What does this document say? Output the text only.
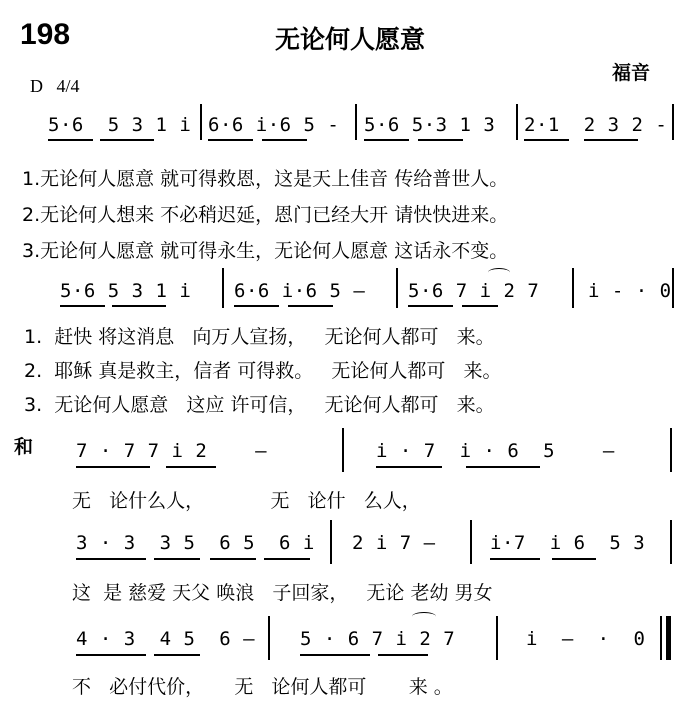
198	无论何人愿意
福音
D   4/4
5·6  5 3 1 i 6·6 i·6 5 - 5·6 5·3 1 3 2·1  2 3 2 -
1.无论何人愿意 就可得救恩，这是天上佳音 传给普世人。
2.无论何人想来 不必稍迟延，恩门已经大开 请快快进来。
3.无论何人愿意 就可得永生，无论何人愿意 这话永不变。
5·6 5 3 1 i 6·6 i·6 5 — 5·6 7 i 2 7	i - · 0
1.  赶快 将这消息   向万人宣扬，   无论何人都可   来。
2.  耶稣 真是救主，信者 可得救。   无论何人都可   来。
3.  无论何人愿意   这应 许可信，   无论何人都可   来。
和 7 · 7 7 i 2    —	i · 7  i · 6  5    —
无   论什么人，           无   论什   么人，
3 · 3  3 5  6 5  6 i 2 i 7 —	i·7  i 6  5 3
这  是 慈爱 天父 唤浪   子回家，   无论 老幼 男女
4 · 3  4 5  6 — 5 · 6 7 i 2 7	i  —  ·  0
不   必付代价，     无   论何人都可       来 。
